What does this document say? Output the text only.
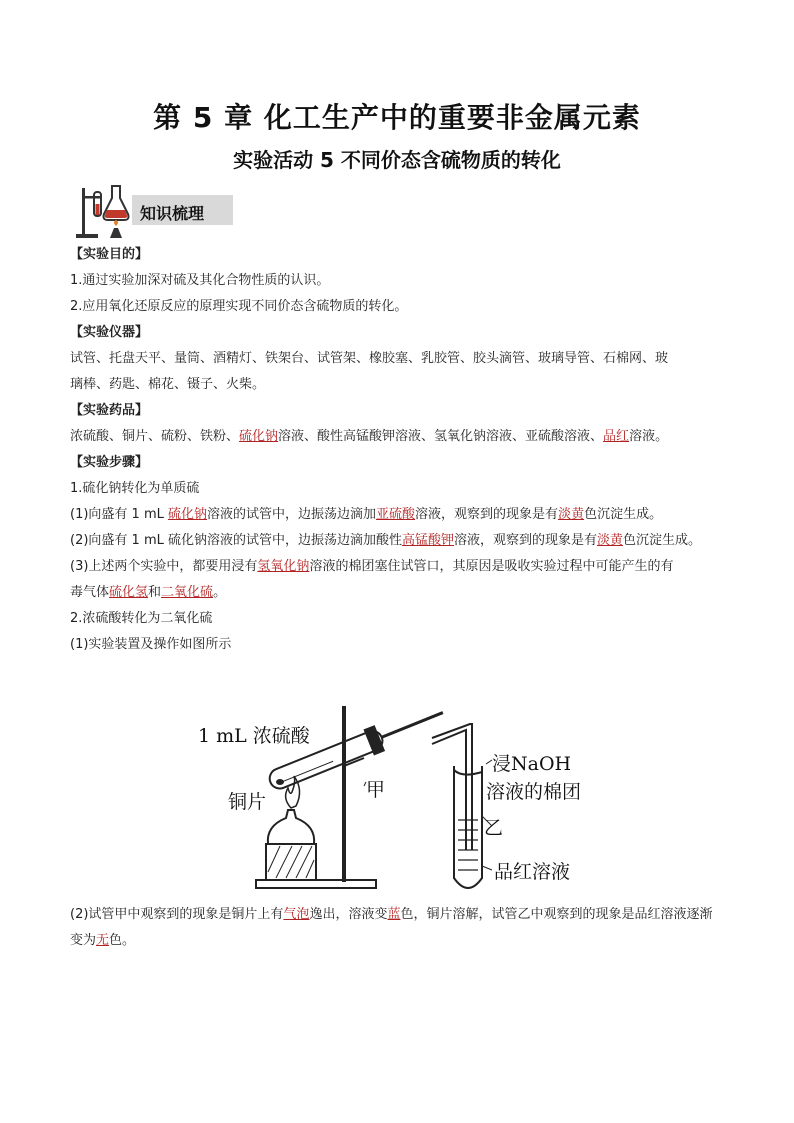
第 5 章 化工生产中的重要非金属元素
实验活动 5 不同价态含硫物质的转化
知识梳理
【实验目的】
1.通过实验加深对硫及其化合物性质的认识。
2.应用氧化还原反应的原理实现不同价态含硫物质的转化。
【实验仪器】
试管、托盘天平、量筒、酒精灯、铁架台、试管架、橡胶塞、乳胶管、胶头滴管、玻璃导管、石棉网、玻
璃棒、药匙、棉花、镊子、火柴。
【实验药品】
浓硫酸、铜片、硫粉、铁粉、硫化钠溶液、酸性高锰酸钾溶液、氢氧化钠溶液、亚硫酸溶液、品红溶液。
【实验步骤】
1.硫化钠转化为单质硫
(1)向盛有 1 mL 硫化钠溶液的试管中，边振荡边滴加亚硫酸溶液，观察到的现象是有淡黄色沉淀生成。
(2)向盛有 1 mL 硫化钠溶液的试管中，边振荡边滴加酸性高锰酸钾溶液，观察到的现象是有淡黄色沉淀生成。
(3)上述两个实验中，都要用浸有氢氧化钠溶液的棉团塞住试管口，其原因是吸收实验过程中可能产生的有
毒气体硫化氢和二氧化硫。
2.浓硫酸转化为二氧化硫
(1)实验装置及操作如图所示
1 mL 浓硫酸
铜片
甲
浸NaOH
溶液的棉团
乙
品红溶液
(2)试管甲中观察到的现象是铜片上有气泡逸出，溶液变蓝色，铜片溶解，试管乙中观察到的现象是品红溶液逐渐变为无色。
